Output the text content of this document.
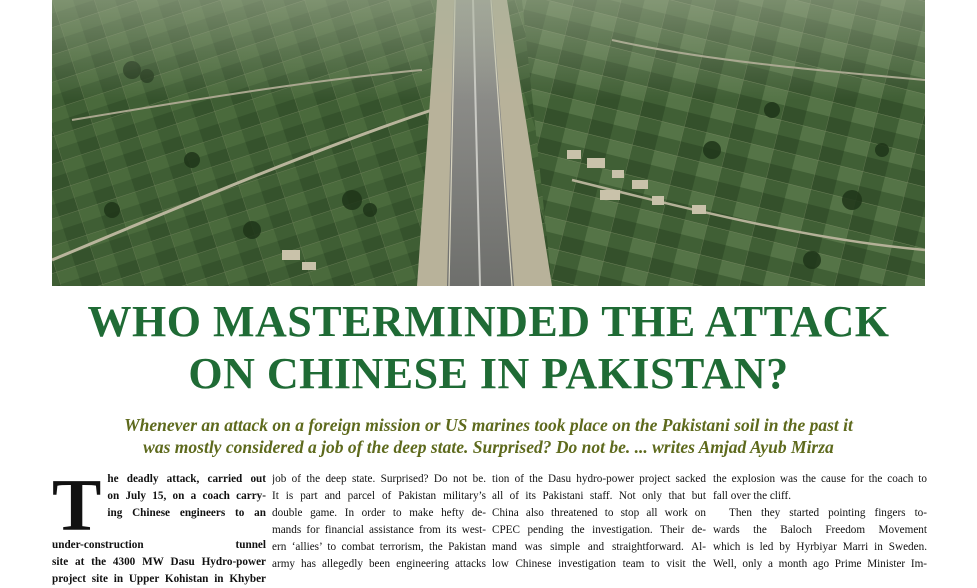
WHO MASTERMINDED THE ATTACK
ON CHINESE IN PAKISTAN?

Whenever an attack on a foreign mission or US marines took place on the Pakistani soil in the past it
was mostly considered a job of the deep state. Surprised? Do not be. ... writes Amjad Ayub Mirza

T he deadly attack, carried out
on July 15, on a coach carry-
ing Chinese engineers to an
under-construction tunnel
site at the 4300 MW Dasu Hydro-power
project site in Upper Kohistan in Khyber
job of the deep state. Surprised? Do not be.
It is part and parcel of Pakistan military’s
double game. In order to make hefty de-
mands for financial assistance from its west-
ern ‘allies’ to combat terrorism, the Pakistan
army has allegedly been engineering attacks
tion of the Dasu hydro-power project sacked
all of its Pakistani staff. Not only that but
China also threatened to stop all work on
CPEC pending the investigation. Their de-
mand was simple and straightforward. Al-
low Chinese investigation team to visit the
the explosion was the cause for the coach to
fall over the cliff.
Then they started pointing fingers to-
wards the Baloch Freedom Movement
which is led by Hyrbiyar Marri in Sweden.
Well, only a month ago Prime Minister Im-
